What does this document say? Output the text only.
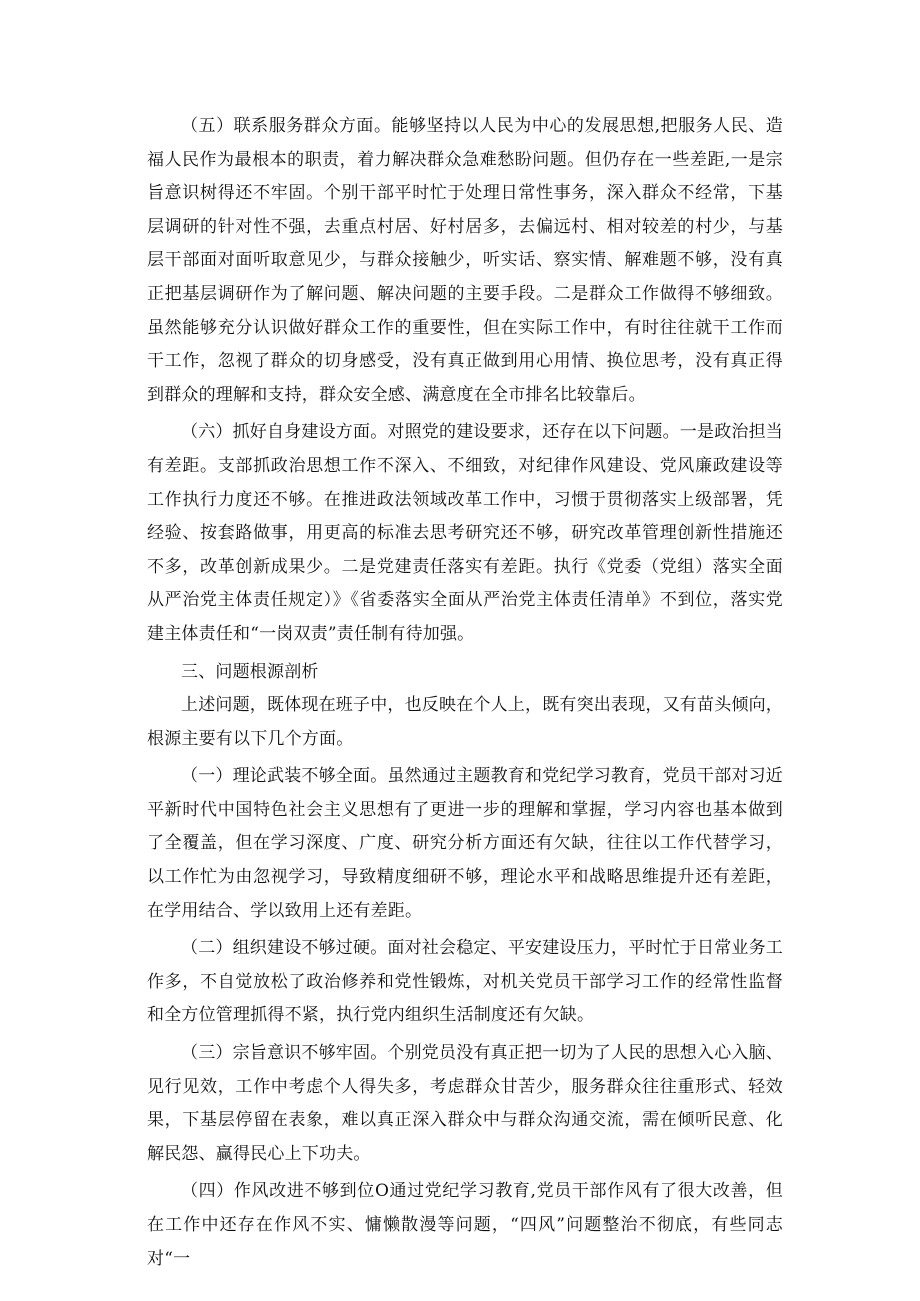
（五）联系服务群众方面。能够坚持以人民为中心的发展思想,把服务人民、造福人民作为最根本的职责，着力解决群众急难愁盼问题。但仍存在一些差距,一是宗旨意识树得还不牢固。个别干部平时忙于处理日常性事务，深入群众不经常，下基层调研的针对性不强，去重点村居、好村居多，去偏远村、相对较差的村少，与基层干部面对面听取意见少，与群众接触少，听实话、察实情、解难题不够，没有真正把基层调研作为了解问题、解决问题的主要手段。二是群众工作做得不够细致。虽然能够充分认识做好群众工作的重要性，但在实际工作中，有时往往就干工作而干工作，忽视了群众的切身感受，没有真正做到用心用情、换位思考，没有真正得到群众的理解和支持，群众安全感、满意度在全市排名比较靠后。

（六）抓好自身建设方面。对照党的建设要求，还存在以下问题。一是政治担当有差距。支部抓政治思想工作不深入、不细致，对纪律作风建设、党风廉政建设等工作执行力度还不够。在推进政法领域改革工作中，习惯于贯彻落实上级部署，凭经验、按套路做事，用更高的标准去思考研究还不够，研究改革管理创新性措施还不多，改革创新成果少。二是党建责任落实有差距。执行《党委（党组）落实全面从严治党主体责任规定）》《省委落实全面从严治党主体责任清单》不到位，落实党建主体责任和“一岗双责”责任制有待加强。

三、问题根源剖析

上述问题，既体现在班子中，也反映在个人上，既有突出表现，又有苗头倾向，根源主要有以下几个方面。

（一）理论武装不够全面。虽然通过主题教育和党纪学习教育，党员干部对习近平新时代中国特色社会主义思想有了更进一步的理解和掌握，学习内容也基本做到了全覆盖，但在学习深度、广度、研究分析方面还有欠缺，往往以工作代替学习，以工作忙为由忽视学习，导致精度细研不够，理论水平和战略思维提升还有差距，在学用结合、学以致用上还有差距。

（二）组织建设不够过硬。面对社会稳定、平安建设压力，平时忙于日常业务工作多，不自觉放松了政治修养和党性锻炼，对机关党员干部学习工作的经常性监督和全方位管理抓得不紧，执行党内组织生活制度还有欠缺。

（三）宗旨意识不够牢固。个别党员没有真正把一切为了人民的思想入心入脑、见行见效，工作中考虑个人得失多，考虑群众甘苦少，服务群众往往重形式、轻效果，下基层停留在表象，难以真正深入群众中与群众沟通交流，需在倾听民意、化解民怨、赢得民心上下功夫。

（四）作风改进不够到位O通过党纪学习教育,党员干部作风有了很大改善，但在工作中还存在作风不实、慵懒散漫等问题，“四风”问题整治不彻底，有些同志对“一
